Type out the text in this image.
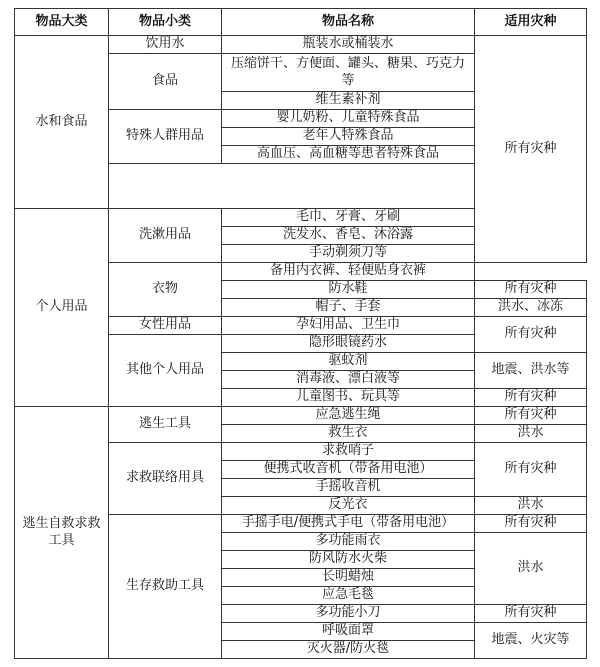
物品大类	物品小类	物品名称	适用灾种
水和食品	饮用水	瓶装水或桶装水	所有灾种
	食品	压缩饼干、方便面、罐头、糖果、巧克力等	
		维生素补剂	
	特殊人群用品	婴儿奶粉、儿童特殊食品	
		老年人特殊食品	
		高血压、高血糖等患者特殊食品	

个人用品	洗漱用品	毛巾、牙膏、牙刷	
		洗发水、香皂、沐浴露	
		手动剃须刀等	
	衣物	备用内衣裤、轻便贴身衣裤	
		防水鞋	所有灾种
		帽子、手套	洪水、冰冻
	女性用品	孕妇用品、卫生巾	所有灾种
	其他个人用品	隐形眼镜药水	
		驱蚊剂	地震、洪水等
		消毒液、漂白液等	
		儿童图书、玩具等	所有灾种
逃生自救求救工具	逃生工具	应急逃生绳	所有灾种
		救生衣	洪水
	求救联络用具	求救哨子	所有灾种
		便携式收音机（带备用电池）	
		手摇收音机	
		反光衣	洪水
	生存救助工具	手摇手电/便携式手电（带备用电池）	所有灾种
		多功能雨衣	洪水
		防风防水火柴	
		长明蜡烛	
		应急毛毯	
		多功能小刀	所有灾种
		呼吸面罩	地震、火灾等
		灭火器/防火毯	
